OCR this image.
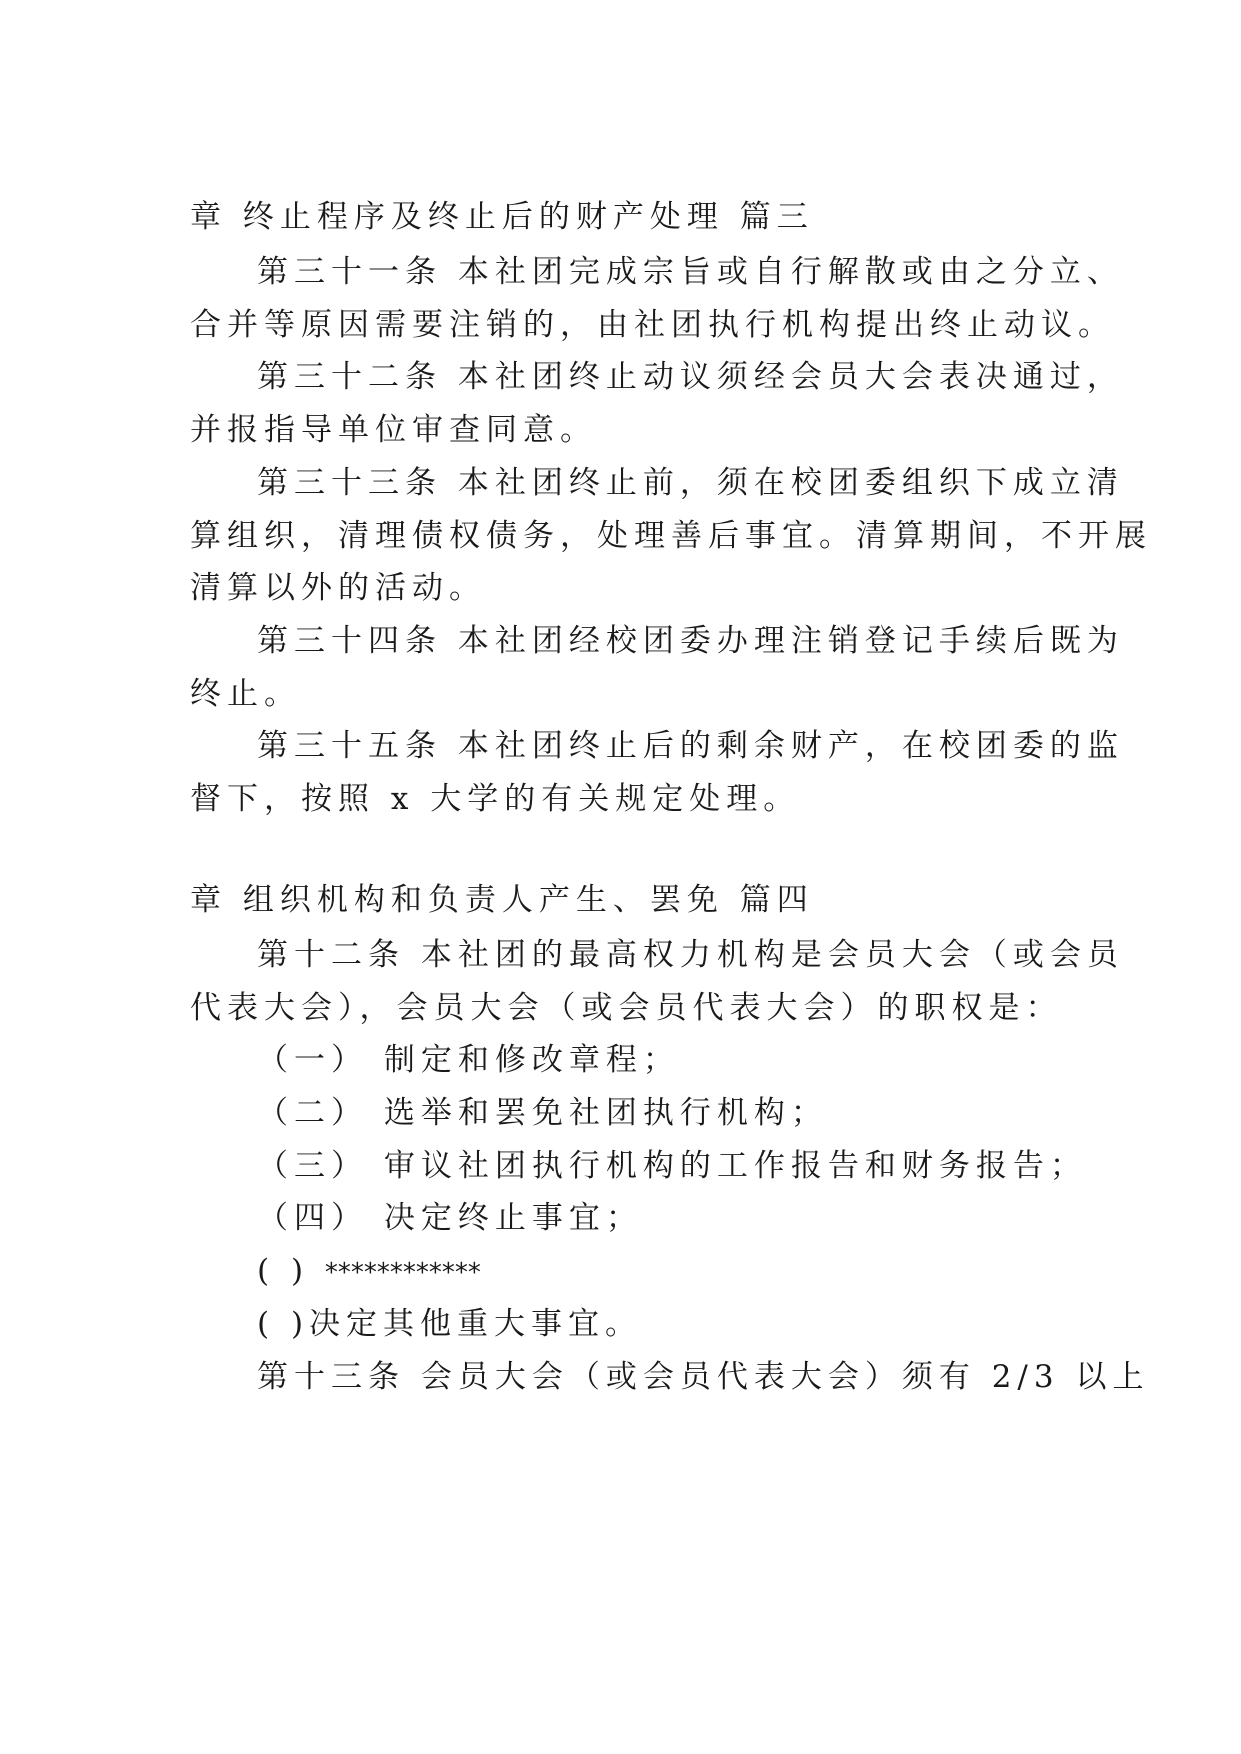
章 终止程序及终止后的财产处理 篇三
第三十一条 本社团完成宗旨或自行解散或由之分立、
合并等原因需要注销的，由社团执行机构提出终止动议。
第三十二条 本社团终止动议须经会员大会表决通过，
并报指导单位审查同意。
第三十三条 本社团终止前，须在校团委组织下成立清
算组织，清理债权债务，处理善后事宜。清算期间，不开展
清算以外的活动。
第三十四条 本社团经校团委办理注销登记手续后既为
终止。
第三十五条 本社团终止后的剩余财产，在校团委的监
督下，按照 x 大学的有关规定处理。
章 组织机构和负责人产生、罢免 篇四
第十二条 本社团的最高权力机构是会员大会（或会员
代表大会），会员大会（或会员代表大会）的职权是：
（一） 制定和修改章程；
（二） 选举和罢免社团执行机构；
（三） 审议社团执行机构的工作报告和财务报告；
（四） 决定终止事宜；
( ) ************
( )决定其他重大事宜。
第十三条 会员大会（或会员代表大会）须有 2/3 以上
